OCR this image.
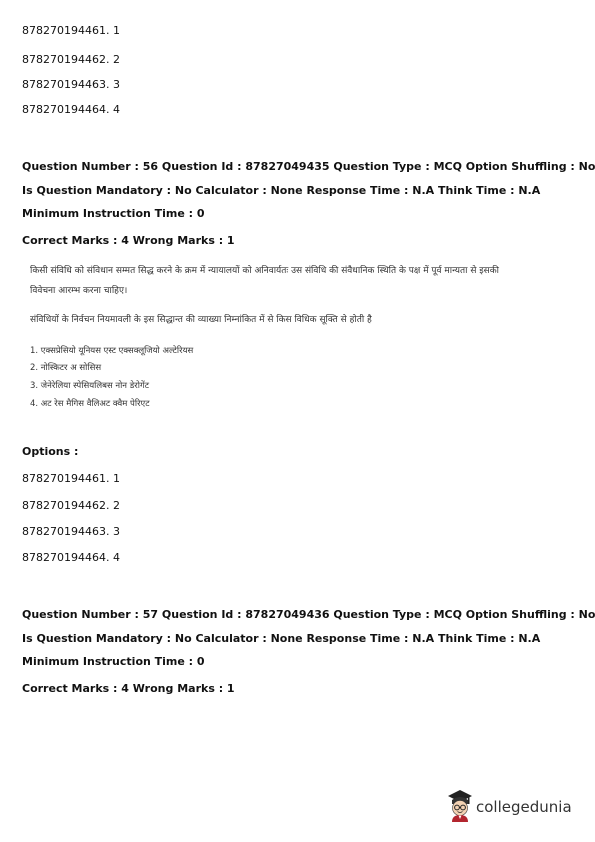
878270194461. 1
878270194462. 2
878270194463. 3
878270194464. 4
Question Number : 56 Question Id : 87827049435 Question Type : MCQ Option Shuffling : No
Is Question Mandatory : No Calculator : None Response Time : N.A Think Time : N.A
Minimum Instruction Time : 0
Correct Marks : 4 Wrong Marks : 1
किसी संविधि को संविधान सम्मत सिद्ध करने के क्रम में न्यायालयों को अनिवार्यतः उस संविधि की संवैधानिक स्थिति के पक्ष में पूर्व मान्यता से इसकी
विवेचना आरम्भ करना चाहिए।
संविधियों के निर्वचन नियमावली के इस सिद्धान्त की व्याख्या निम्नांकित में से किस विधिक सूक्ति से होती है
1. एक्सप्रेसियो यूनियस एस्ट एक्सक्लूजियो अल्टेरियस
2. नोस्किटर अ सोसिस
3. जेनेरेलिया स्पेसियलिबस नोन डेरोगेंट
4. अट रेस मैगिस वैलिअट क्वैम पेरिएट
Options :
878270194461. 1
878270194462. 2
878270194463. 3
878270194464. 4
Question Number : 57 Question Id : 87827049436 Question Type : MCQ Option Shuffling : No
Is Question Mandatory : No Calculator : None Response Time : N.A Think Time : N.A
Minimum Instruction Time : 0
Correct Marks : 4 Wrong Marks : 1
collegedunia
